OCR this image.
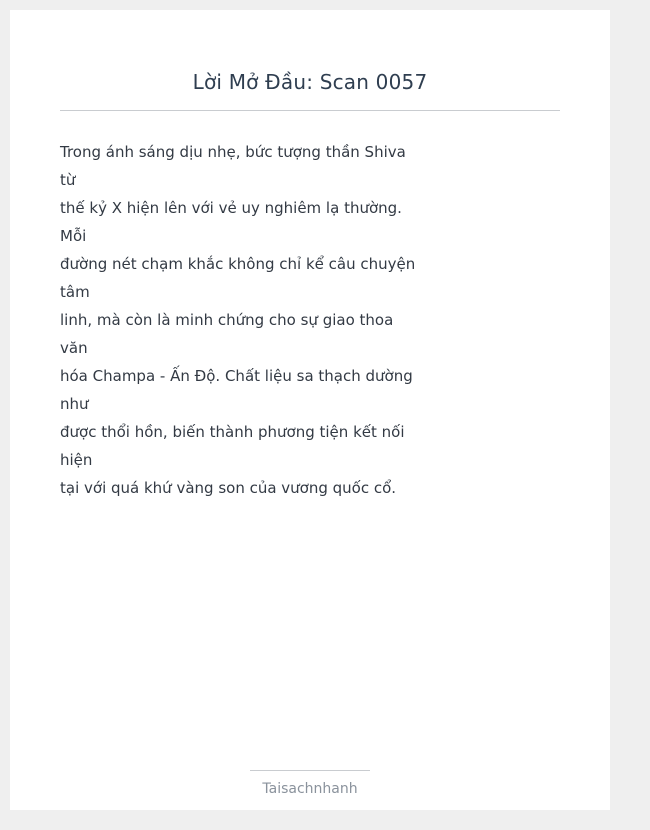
Lời Mở Đầu: Scan 0057
Trong ánh sáng dịu nhẹ, bức tượng thần Shiva
từ
thế kỷ X hiện lên với vẻ uy nghiêm lạ thường.
Mỗi
đường nét chạm khắc không chỉ kể câu chuyện
tâm
linh, mà còn là minh chứng cho sự giao thoa
văn
hóa Champa - Ấn Độ. Chất liệu sa thạch dường
như
được thổi hồn, biến thành phương tiện kết nối
hiện
tại với quá khứ vàng son của vương quốc cổ.
Taisachnhanh
